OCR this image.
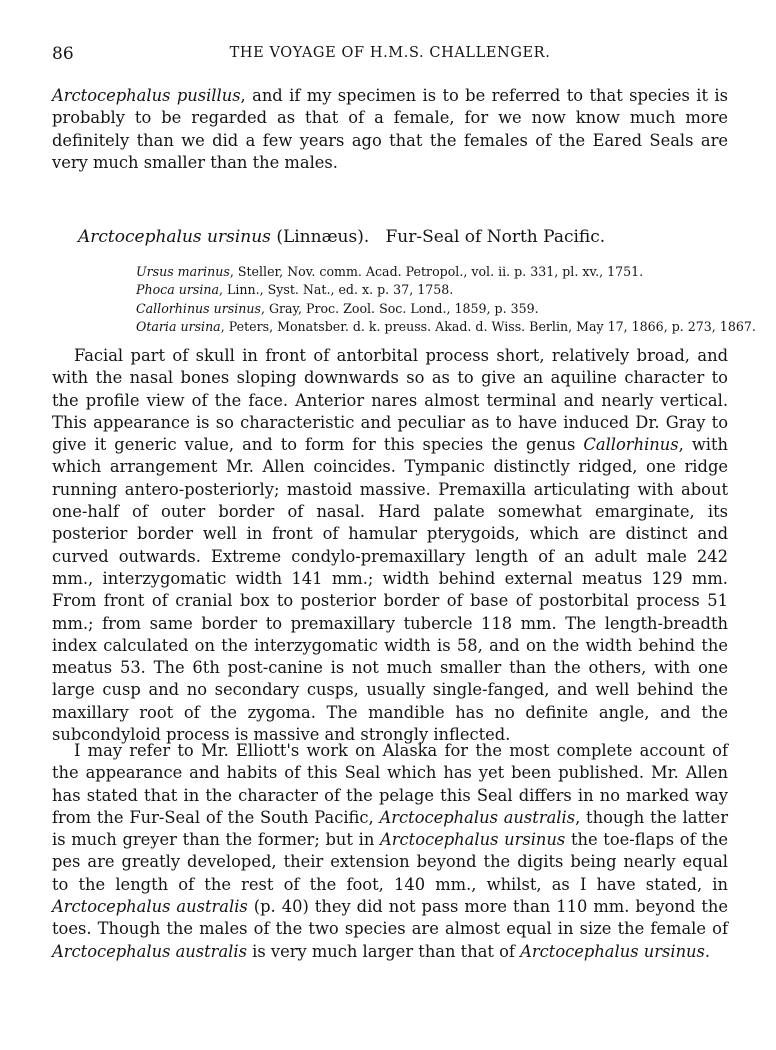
86	THE VOYAGE OF H.M.S. CHALLENGER.

Arctocephalus pusillus, and if my specimen is to be referred to that species it is probably to be regarded as that of a female, for we now know much more definitely than we did a few years ago that the females of the Eared Seals are very much smaller than the males.

Arctocephalus ursinus (Linnæus). Fur-Seal of North Pacific.
Ursus marinus, Steller, Nov. comm. Acad. Petropol., vol. ii. p. 331, pl. xv., 1751.
Phoca ursina, Linn., Syst. Nat., ed. x. p. 37, 1758.
Callorhinus ursinus, Gray, Proc. Zool. Soc. Lond., 1859, p. 359.
Otaria ursina, Peters, Monatsber. d. k. preuss. Akad. d. Wiss. Berlin, May 17, 1866, p. 273, 1867.

Facial part of skull in front of antorbital process short, relatively broad, and with the nasal bones sloping downwards so as to give an aquiline character to the profile view of the face. Anterior nares almost terminal and nearly vertical. This appearance is so characteristic and peculiar as to have induced Dr. Gray to give it generic value, and to form for this species the genus Callorhinus, with which arrangement Mr. Allen coincides. Tympanic distinctly ridged, one ridge running antero-posteriorly; mastoid massive. Premaxilla articulating with about one-half of outer border of nasal. Hard palate somewhat emarginate, its posterior border well in front of hamular pterygoids, which are distinct and curved outwards. Extreme condylo-premaxillary length of an adult male 242 mm., interzygomatic width 141 mm.; width behind external meatus 129 mm. From front of cranial box to posterior border of base of postorbital process 51 mm.; from same border to premaxillary tubercle 118 mm. The length-breadth index calculated on the interzygomatic width is 58, and on the width behind the meatus 53. The 6th post-canine is not much smaller than the others, with one large cusp and no secondary cusps, usually single-fanged, and well behind the maxillary root of the zygoma. The mandible has no definite angle, and the subcondyloid process is massive and strongly inflected.

I may refer to Mr. Elliott's work on Alaska for the most complete account of the appearance and habits of this Seal which has yet been published. Mr. Allen has stated that in the character of the pelage this Seal differs in no marked way from the Fur-Seal of the South Pacific, Arctocephalus australis, though the latter is much greyer than the former; but in Arctocephalus ursinus the toe-flaps of the pes are greatly developed, their extension beyond the digits being nearly equal to the length of the rest of the foot, 140 mm., whilst, as I have stated, in Arctocephalus australis (p. 40) they did not pass more than 110 mm. beyond the toes. Though the males of the two species are almost equal in size the female of Arctocephalus australis is very much larger than that of Arctocephalus ursinus.
